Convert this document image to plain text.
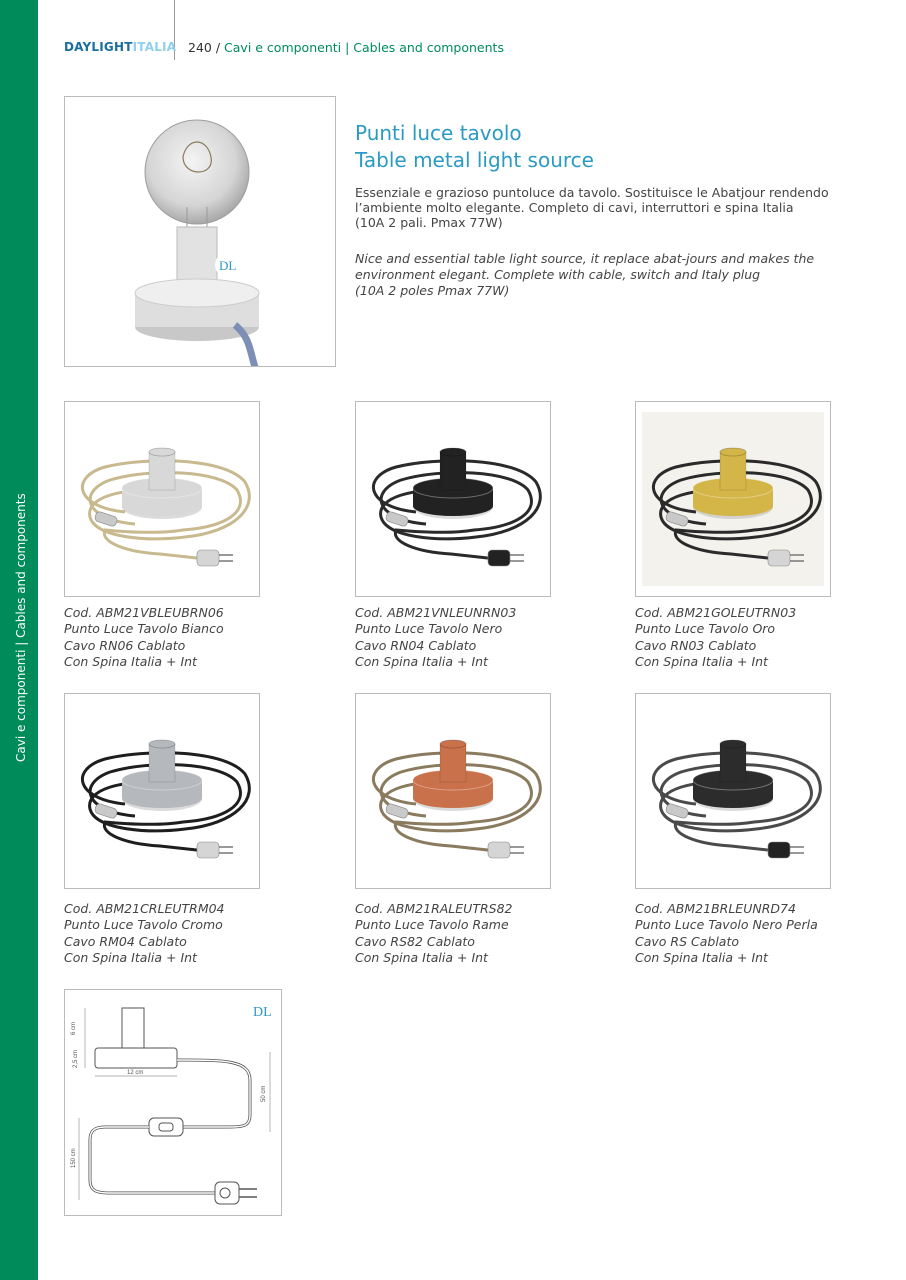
Cavi e componenti | Cables and components
DAYLIGHTITALIA 240 / Cavi e componenti | Cables and components
DL
Punti luce tavolo
Table metal light source
Essenziale e grazioso puntoluce da tavolo. Sostituisce le Abatjour rendendo
l’ambiente molto elegante. Completo di cavi, interruttori e spina Italia
(10A 2 pali. Pmax 77W)
Nice and essential table light source, it replace abat-jours and makes the
environment elegant. Complete with cable, switch and Italy plug
(10A 2 poles Pmax 77W)
Cod. ABM21VBLEUBRN06
Punto Luce Tavolo Bianco
Cavo RN06 Cablato
Con Spina Italia + Int
Cod. ABM21VNLEUNRN03
Punto Luce Tavolo Nero
Cavo RN04 Cablato
Con Spina Italia + Int
Cod. ABM21GOLEUTRN03
Punto Luce Tavolo Oro
Cavo RN03 Cablato
Con Spina Italia + Int
Cod. ABM21CRLEUTRM04
Punto Luce Tavolo Cromo
Cavo RM04 Cablato
Con Spina Italia + Int
Cod. ABM21RALEUTRS82
Punto Luce Tavolo Rame
Cavo RS82 Cablato
Con Spina Italia + Int
Cod. ABM21BRLEUNRD74
Punto Luce Tavolo Nero Perla
Cavo RS Cablato
Con Spina Italia + Int
DL
6 cm
2,5 cm
12 cm
50 cm
150 cm
